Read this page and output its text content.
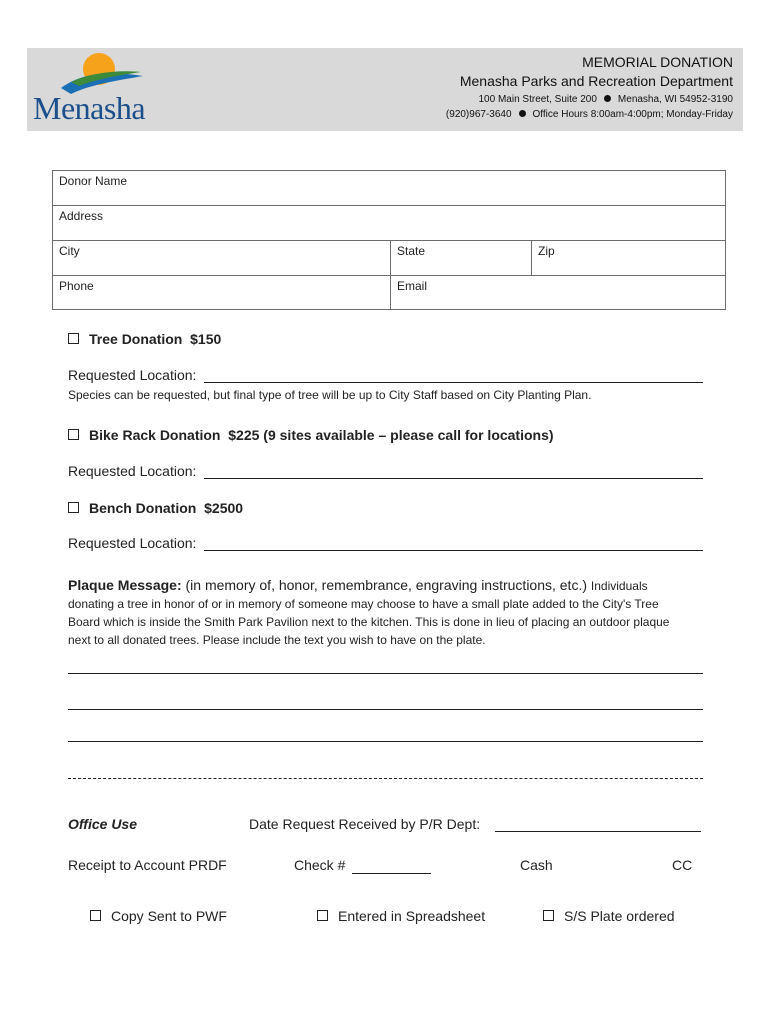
Menasha
MEMORIAL DONATION
Menasha Parks and Recreation Department
100 Main Street, Suite 200 Menasha, WI 54952-3190
(920)967-3640 Office Hours 8:00am-4:00pm; Monday-Friday
Donor Name
Address
City	State	Zip
Phone	Email
Tree Donation $150
Requested Location:
Species can be requested, but final type of tree will be up to City Staff based on City Planting Plan.
Bike Rack Donation $225 (9 sites available – please call for locations)
Requested Location:
Bench Donation $2500
Requested Location:
Plaque Message: (in memory of, honor, remembrance, engraving instructions, etc.) Individuals
donating a tree in honor of or in memory of someone may choose to have a small plate added to the City's Tree
Board which is inside the Smith Park Pavilion next to the kitchen. This is done in lieu of placing an outdoor plaque
next to all donated trees. Please include the text you wish to have on the plate.
Office Use	Date Request Received by P/R Dept:
Receipt to Account PRDF	Check #	Cash	CC
Copy Sent to PWF	Entered in Spreadsheet	S/S Plate ordered
